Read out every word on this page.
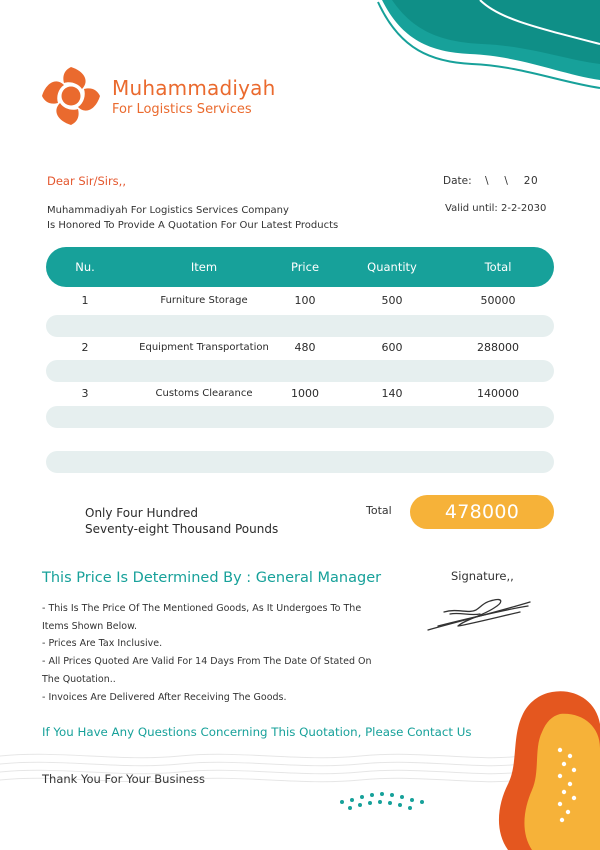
Muhammadiyah
For Logistics Services
Dear Sir/Sirs,,	Date: \    \    20
Muhammadiyah For Logistics Services Company
Is Honored To Provide A Quotation For Our Latest Products
Valid until: 2-2-2030
Nu.	Item	Price	Quantity	Total
1	Furniture Storage	100	500	50000
2	Equipment Transportation	480	600	288000
3	Customs Clearance	1000	140	140000
Only Four Hundred
Seventy-eight Thousand Pounds
Total	478000
This Price Is Determined By : General Manager	Signature,,
- This Is The Price Of The Mentioned Goods, As It Undergoes To The
Items Shown Below.
- Prices Are Tax Inclusive.
- All Prices Quoted Are Valid For 14 Days From The Date Of Stated On
The Quotation..
- Invoices Are Delivered After Receiving The Goods.
If You Have Any Questions Concerning This Quotation, Please Contact Us
Thank You For Your Business
